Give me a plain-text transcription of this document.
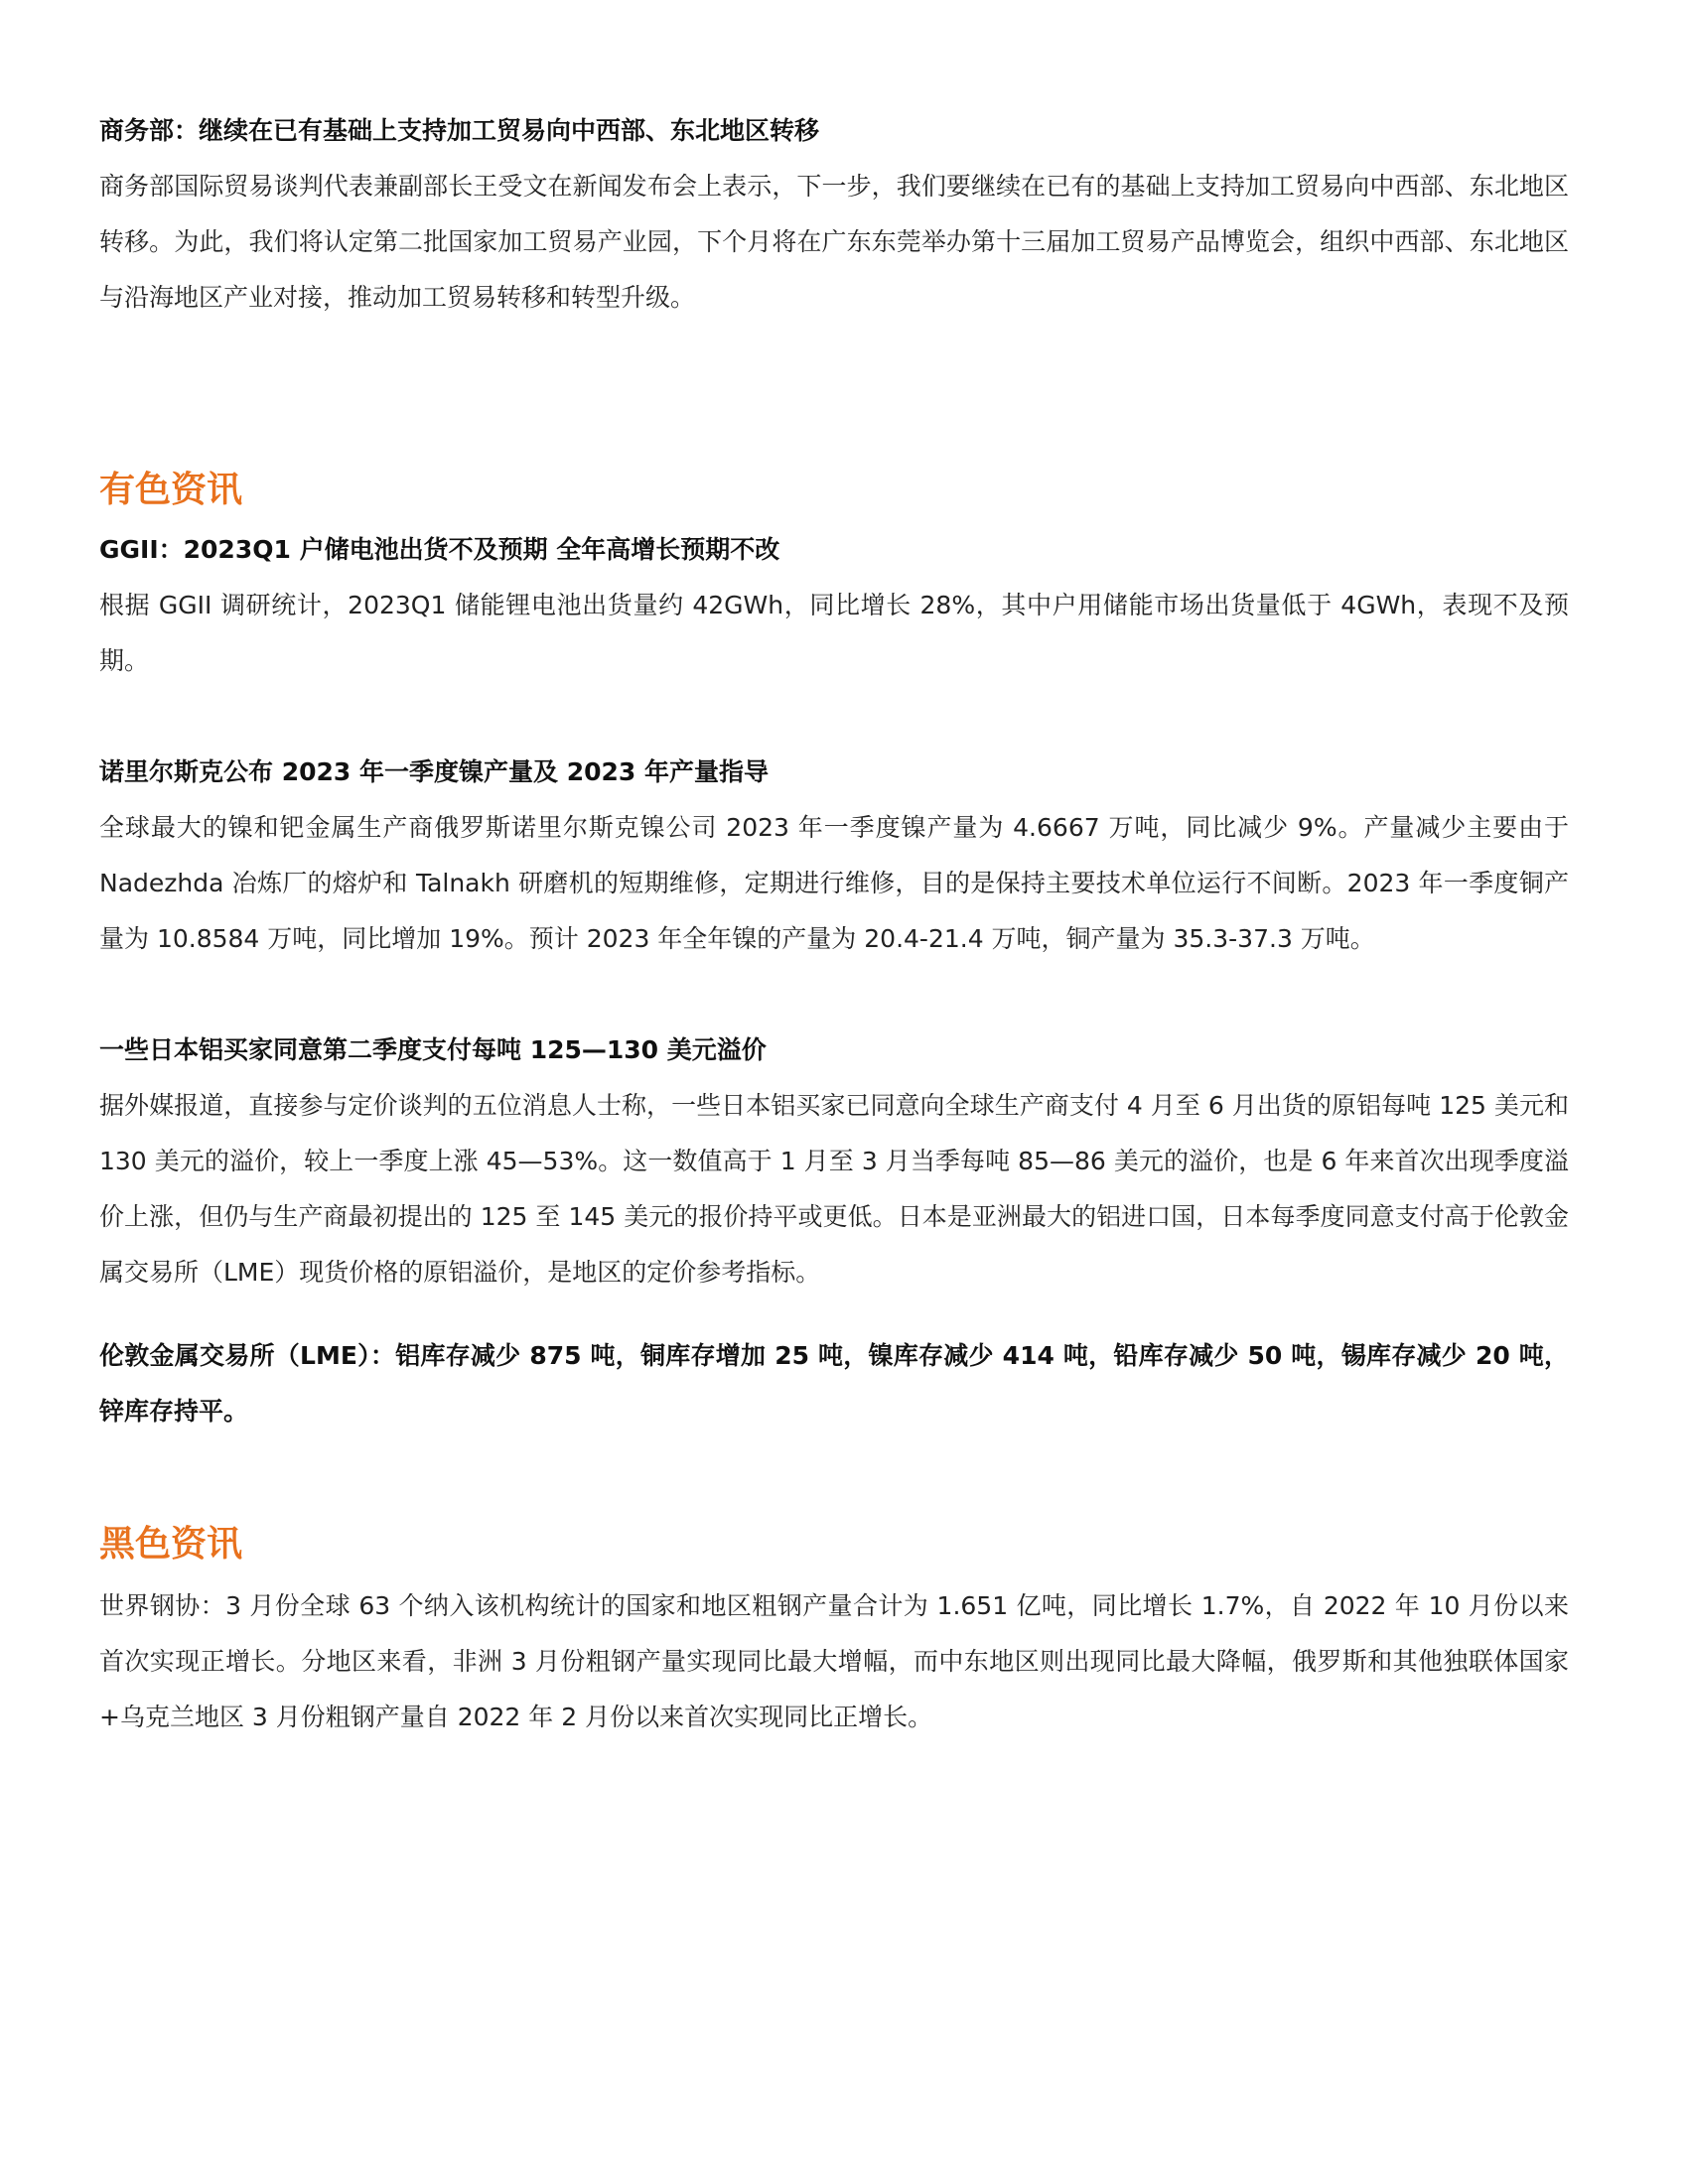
商务部：继续在已有基础上支持加工贸易向中西部、东北地区转移

商务部国际贸易谈判代表兼副部长王受文在新闻发布会上表示，下一步，我们要继续在已有的基础上支持加工贸易向中西部、东北地区转移。为此，我们将认定第二批国家加工贸易产业园，下个月将在广东东莞举办第十三届加工贸易产品博览会，组织中西部、东北地区与沿海地区产业对接，推动加工贸易转移和转型升级。

有色资讯

GGII：2023Q1 户储电池出货不及预期 全年高增长预期不改

根据 GGII 调研统计，2023Q1 储能锂电池出货量约 42GWh，同比增长 28%，其中户用储能市场出货量低于 4GWh，表现不及预期。

诺里尔斯克公布 2023 年一季度镍产量及 2023 年产量指导

全球最大的镍和钯金属生产商俄罗斯诺里尔斯克镍公司 2023 年一季度镍产量为 4.6667 万吨，同比减少 9%。产量减少主要由于 Nadezhda 冶炼厂的熔炉和 Talnakh 研磨机的短期维修，定期进行维修，目的是保持主要技术单位运行不间断。2023 年一季度铜产量为 10.8584 万吨，同比增加 19%。预计 2023 年全年镍的产量为 20.4-21.4 万吨，铜产量为 35.3-37.3 万吨。

一些日本铝买家同意第二季度支付每吨 125—130 美元溢价

据外媒报道，直接参与定价谈判的五位消息人士称，一些日本铝买家已同意向全球生产商支付 4 月至 6 月出货的原铝每吨 125 美元和 130 美元的溢价，较上一季度上涨 45—53%。这一数值高于 1 月至 3 月当季每吨 85—86 美元的溢价，也是 6 年来首次出现季度溢价上涨，但仍与生产商最初提出的 125 至 145 美元的报价持平或更低。日本是亚洲最大的铝进口国，日本每季度同意支付高于伦敦金属交易所（LME）现货价格的原铝溢价，是地区的定价参考指标。

伦敦金属交易所（LME）：铝库存减少 875 吨，铜库存增加 25 吨，镍库存减少 414 吨，铅库存减少 50 吨，锡库存减少 20 吨，锌库存持平。

黑色资讯

世界钢协：3 月份全球 63 个纳入该机构统计的国家和地区粗钢产量合计为 1.651 亿吨，同比增长 1.7%，自 2022 年 10 月份以来首次实现正增长。分地区来看，非洲 3 月份粗钢产量实现同比最大增幅，而中东地区则出现同比最大降幅，俄罗斯和其他独联体国家+乌克兰地区 3 月份粗钢产量自 2022 年 2 月份以来首次实现同比正增长。
